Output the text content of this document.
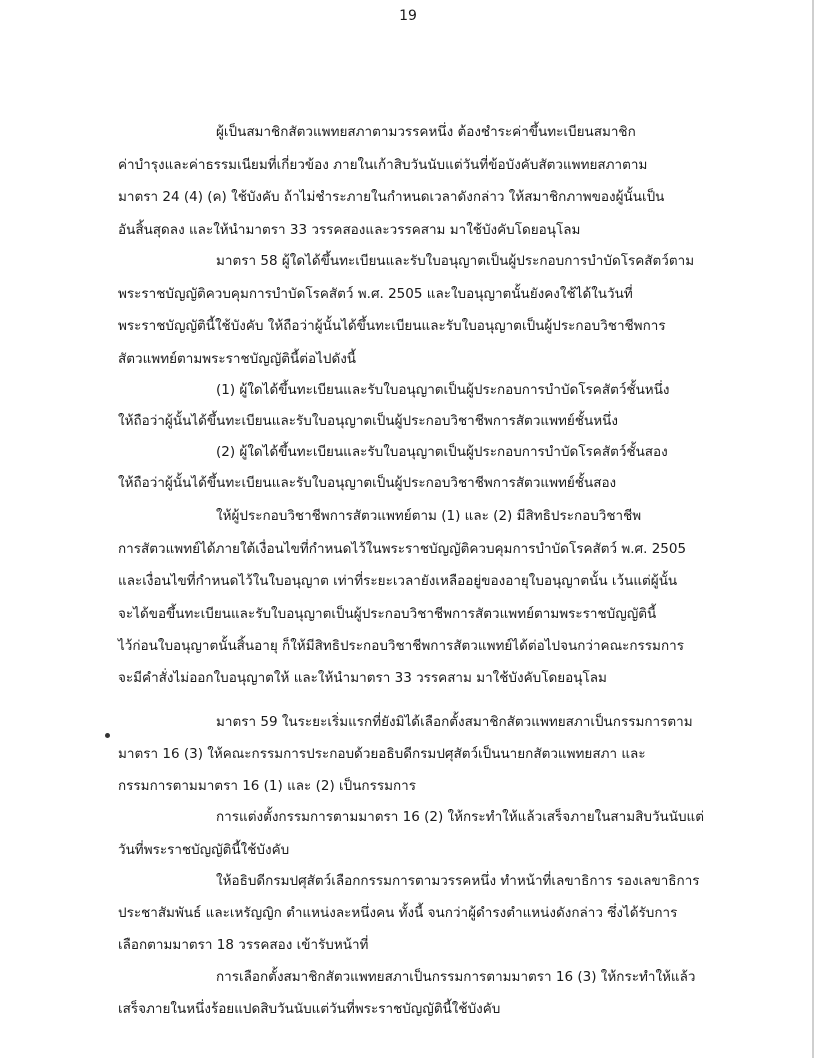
19
ผู้เป็นสมาชิกสัตวแพทยสภาตามวรรคหนึ่ง ต้องชำระค่าขึ้นทะเบียนสมาชิก
ค่าบำรุงและค่าธรรมเนียมที่เกี่ยวข้อง ภายในเก้าสิบวันนับแต่วันที่ข้อบังคับสัตวแพทยสภาตาม
มาตรา 24 (4) (ค) ใช้บังคับ ถ้าไม่ชำระภายในกำหนดเวลาดังกล่าว ให้สมาชิกภาพของผู้นั้นเป็น
อันสิ้นสุดลง และให้นำมาตรา 33 วรรคสองและวรรคสาม มาใช้บังคับโดยอนุโลม
มาตรา 58 ผู้ใดได้ขึ้นทะเบียนและรับใบอนุญาตเป็นผู้ประกอบการบำบัดโรคสัตว์ตาม
พระราชบัญญัติควบคุมการบำบัดโรคสัตว์ พ.ศ. 2505 และใบอนุญาตนั้นยังคงใช้ได้ในวันที่
พระราชบัญญัตินี้ใช้บังคับ ให้ถือว่าผู้นั้นได้ขึ้นทะเบียนและรับใบอนุญาตเป็นผู้ประกอบวิชาชีพการ
สัตวแพทย์ตามพระราชบัญญัตินี้ต่อไปดังนี้
(1) ผู้ใดได้ขึ้นทะเบียนและรับใบอนุญาตเป็นผู้ประกอบการบำบัดโรคสัตว์ชั้นหนึ่ง
ให้ถือว่าผู้นั้นได้ขึ้นทะเบียนและรับใบอนุญาตเป็นผู้ประกอบวิชาชีพการสัตวแพทย์ชั้นหนึ่ง
(2) ผู้ใดได้ขึ้นทะเบียนและรับใบอนุญาตเป็นผู้ประกอบการบำบัดโรคสัตว์ชั้นสอง
ให้ถือว่าผู้นั้นได้ขึ้นทะเบียนและรับใบอนุญาตเป็นผู้ประกอบวิชาชีพการสัตวแพทย์ชั้นสอง
ให้ผู้ประกอบวิชาชีพการสัตวแพทย์ตาม (1) และ (2) มีสิทธิประกอบวิชาชีพ
การสัตวแพทย์ได้ภายใต้เงื่อนไขที่กำหนดไว้ในพระราชบัญญัติควบคุมการบำบัดโรคสัตว์ พ.ศ. 2505
และเงื่อนไขที่กำหนดไว้ในใบอนุญาต เท่าที่ระยะเวลายังเหลืออยู่ของอายุใบอนุญาตนั้น เว้นแต่ผู้นั้น
จะได้ขอขึ้นทะเบียนและรับใบอนุญาตเป็นผู้ประกอบวิชาชีพการสัตวแพทย์ตามพระราชบัญญัตินี้
ไว้ก่อนใบอนุญาตนั้นสิ้นอายุ ก็ให้มีสิทธิประกอบวิชาชีพการสัตวแพทย์ได้ต่อไปจนกว่าคณะกรรมการ
จะมีคำสั่งไม่ออกใบอนุญาตให้ และให้นำมาตรา 33 วรรคสาม มาใช้บังคับโดยอนุโลม
มาตรา 59 ในระยะเริ่มแรกที่ยังมิได้เลือกตั้งสมาชิกสัตวแพทยสภาเป็นกรรมการตาม
มาตรา 16 (3) ให้คณะกรรมการประกอบด้วยอธิบดีกรมปศุสัตว์เป็นนายกสัตวแพทยสภา และ
กรรมการตามมาตรา 16 (1) และ (2) เป็นกรรมการ
การแต่งตั้งกรรมการตามมาตรา 16 (2) ให้กระทำให้แล้วเสร็จภายในสามสิบวันนับแต่
วันที่พระราชบัญญัตินี้ใช้บังคับ
ให้อธิบดีกรมปศุสัตว์เลือกกรรมการตามวรรคหนึ่ง ทำหน้าที่เลขาธิการ รองเลขาธิการ
ประชาสัมพันธ์ และเหรัญญิก ตำแหน่งละหนึ่งคน ทั้งนี้ จนกว่าผู้ดำรงตำแหน่งดังกล่าว ซึ่งได้รับการ
เลือกตามมาตรา 18 วรรคสอง เข้ารับหน้าที่
การเลือกตั้งสมาชิกสัตวแพทยสภาเป็นกรรมการตามมาตรา 16 (3) ให้กระทำให้แล้ว
เสร็จภายในหนึ่งร้อยแปดสิบวันนับแต่วันที่พระราชบัญญัตินี้ใช้บังคับ
